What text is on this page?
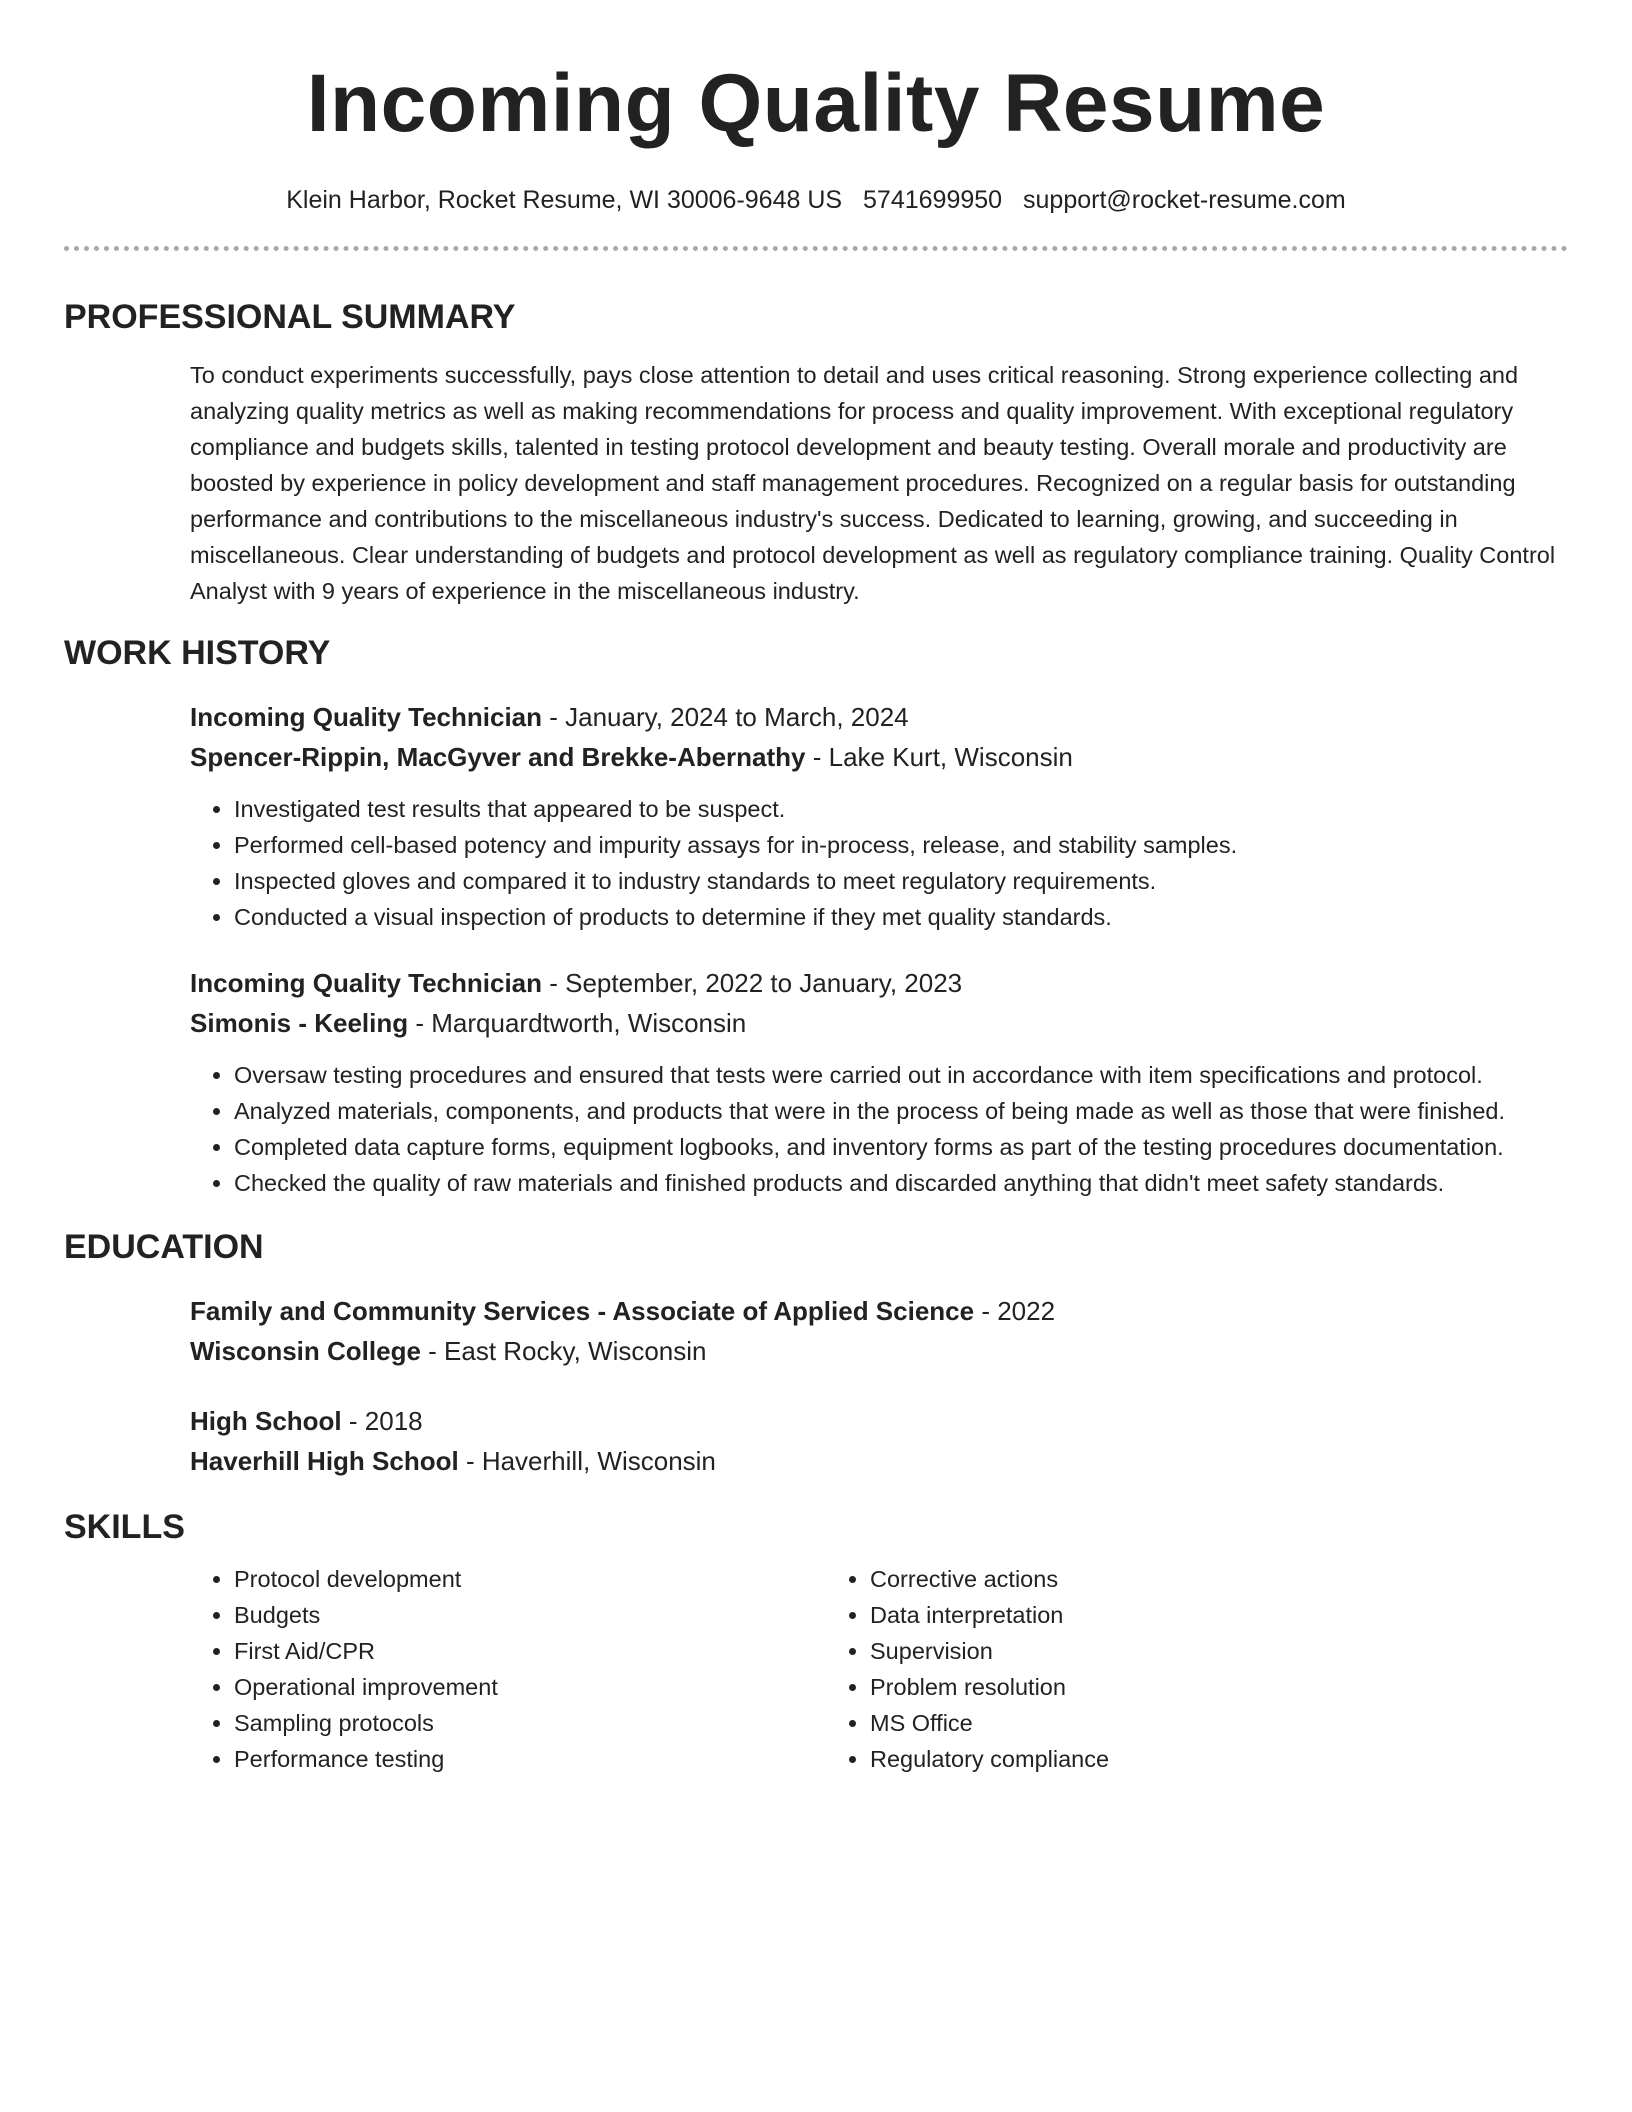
Incoming Quality Resume
Klein Harbor, Rocket Resume, WI 30006-9648 US 5741699950 support@rocket-resume.com
PROFESSIONAL SUMMARY

To conduct experiments successfully, pays close attention to detail and uses critical reasoning. Strong experience collecting and analyzing quality metrics as well as making recommendations for process and quality improvement. With exceptional regulatory compliance and budgets skills, talented in testing protocol development and beauty testing. Overall morale and productivity are boosted by experience in policy development and staff management procedures. Recognized on a regular basis for outstanding performance and contributions to the miscellaneous industry's success. Dedicated to learning, growing, and succeeding in miscellaneous. Clear understanding of budgets and protocol development as well as regulatory compliance training. Quality Control Analyst with 9 years of experience in the miscellaneous industry.

WORK HISTORY
Incoming Quality Technician - January, 2024 to March, 2024
Spencer-Rippin, MacGyver and Brekke-Abernathy - Lake Kurt, Wisconsin
• Investigated test results that appeared to be suspect.
• Performed cell-based potency and impurity assays for in-process, release, and stability samples.
• Inspected gloves and compared it to industry standards to meet regulatory requirements.
• Conducted a visual inspection of products to determine if they met quality standards.
Incoming Quality Technician - September, 2022 to January, 2023
Simonis - Keeling - Marquardtworth, Wisconsin
• Oversaw testing procedures and ensured that tests were carried out in accordance with item specifications and protocol.
• Analyzed materials, components, and products that were in the process of being made as well as those that were finished.
• Completed data capture forms, equipment logbooks, and inventory forms as part of the testing procedures documentation.
• Checked the quality of raw materials and finished products and discarded anything that didn't meet safety standards.
EDUCATION
Family and Community Services - Associate of Applied Science - 2022
Wisconsin College - East Rocky, Wisconsin
High School - 2018
Haverhill High School - Haverhill, Wisconsin
SKILLS
• Protocol development
• Budgets
• First Aid/CPR
• Operational improvement
• Sampling protocols
• Performance testing
• Corrective actions
• Data interpretation
• Supervision
• Problem resolution
• MS Office
• Regulatory compliance
